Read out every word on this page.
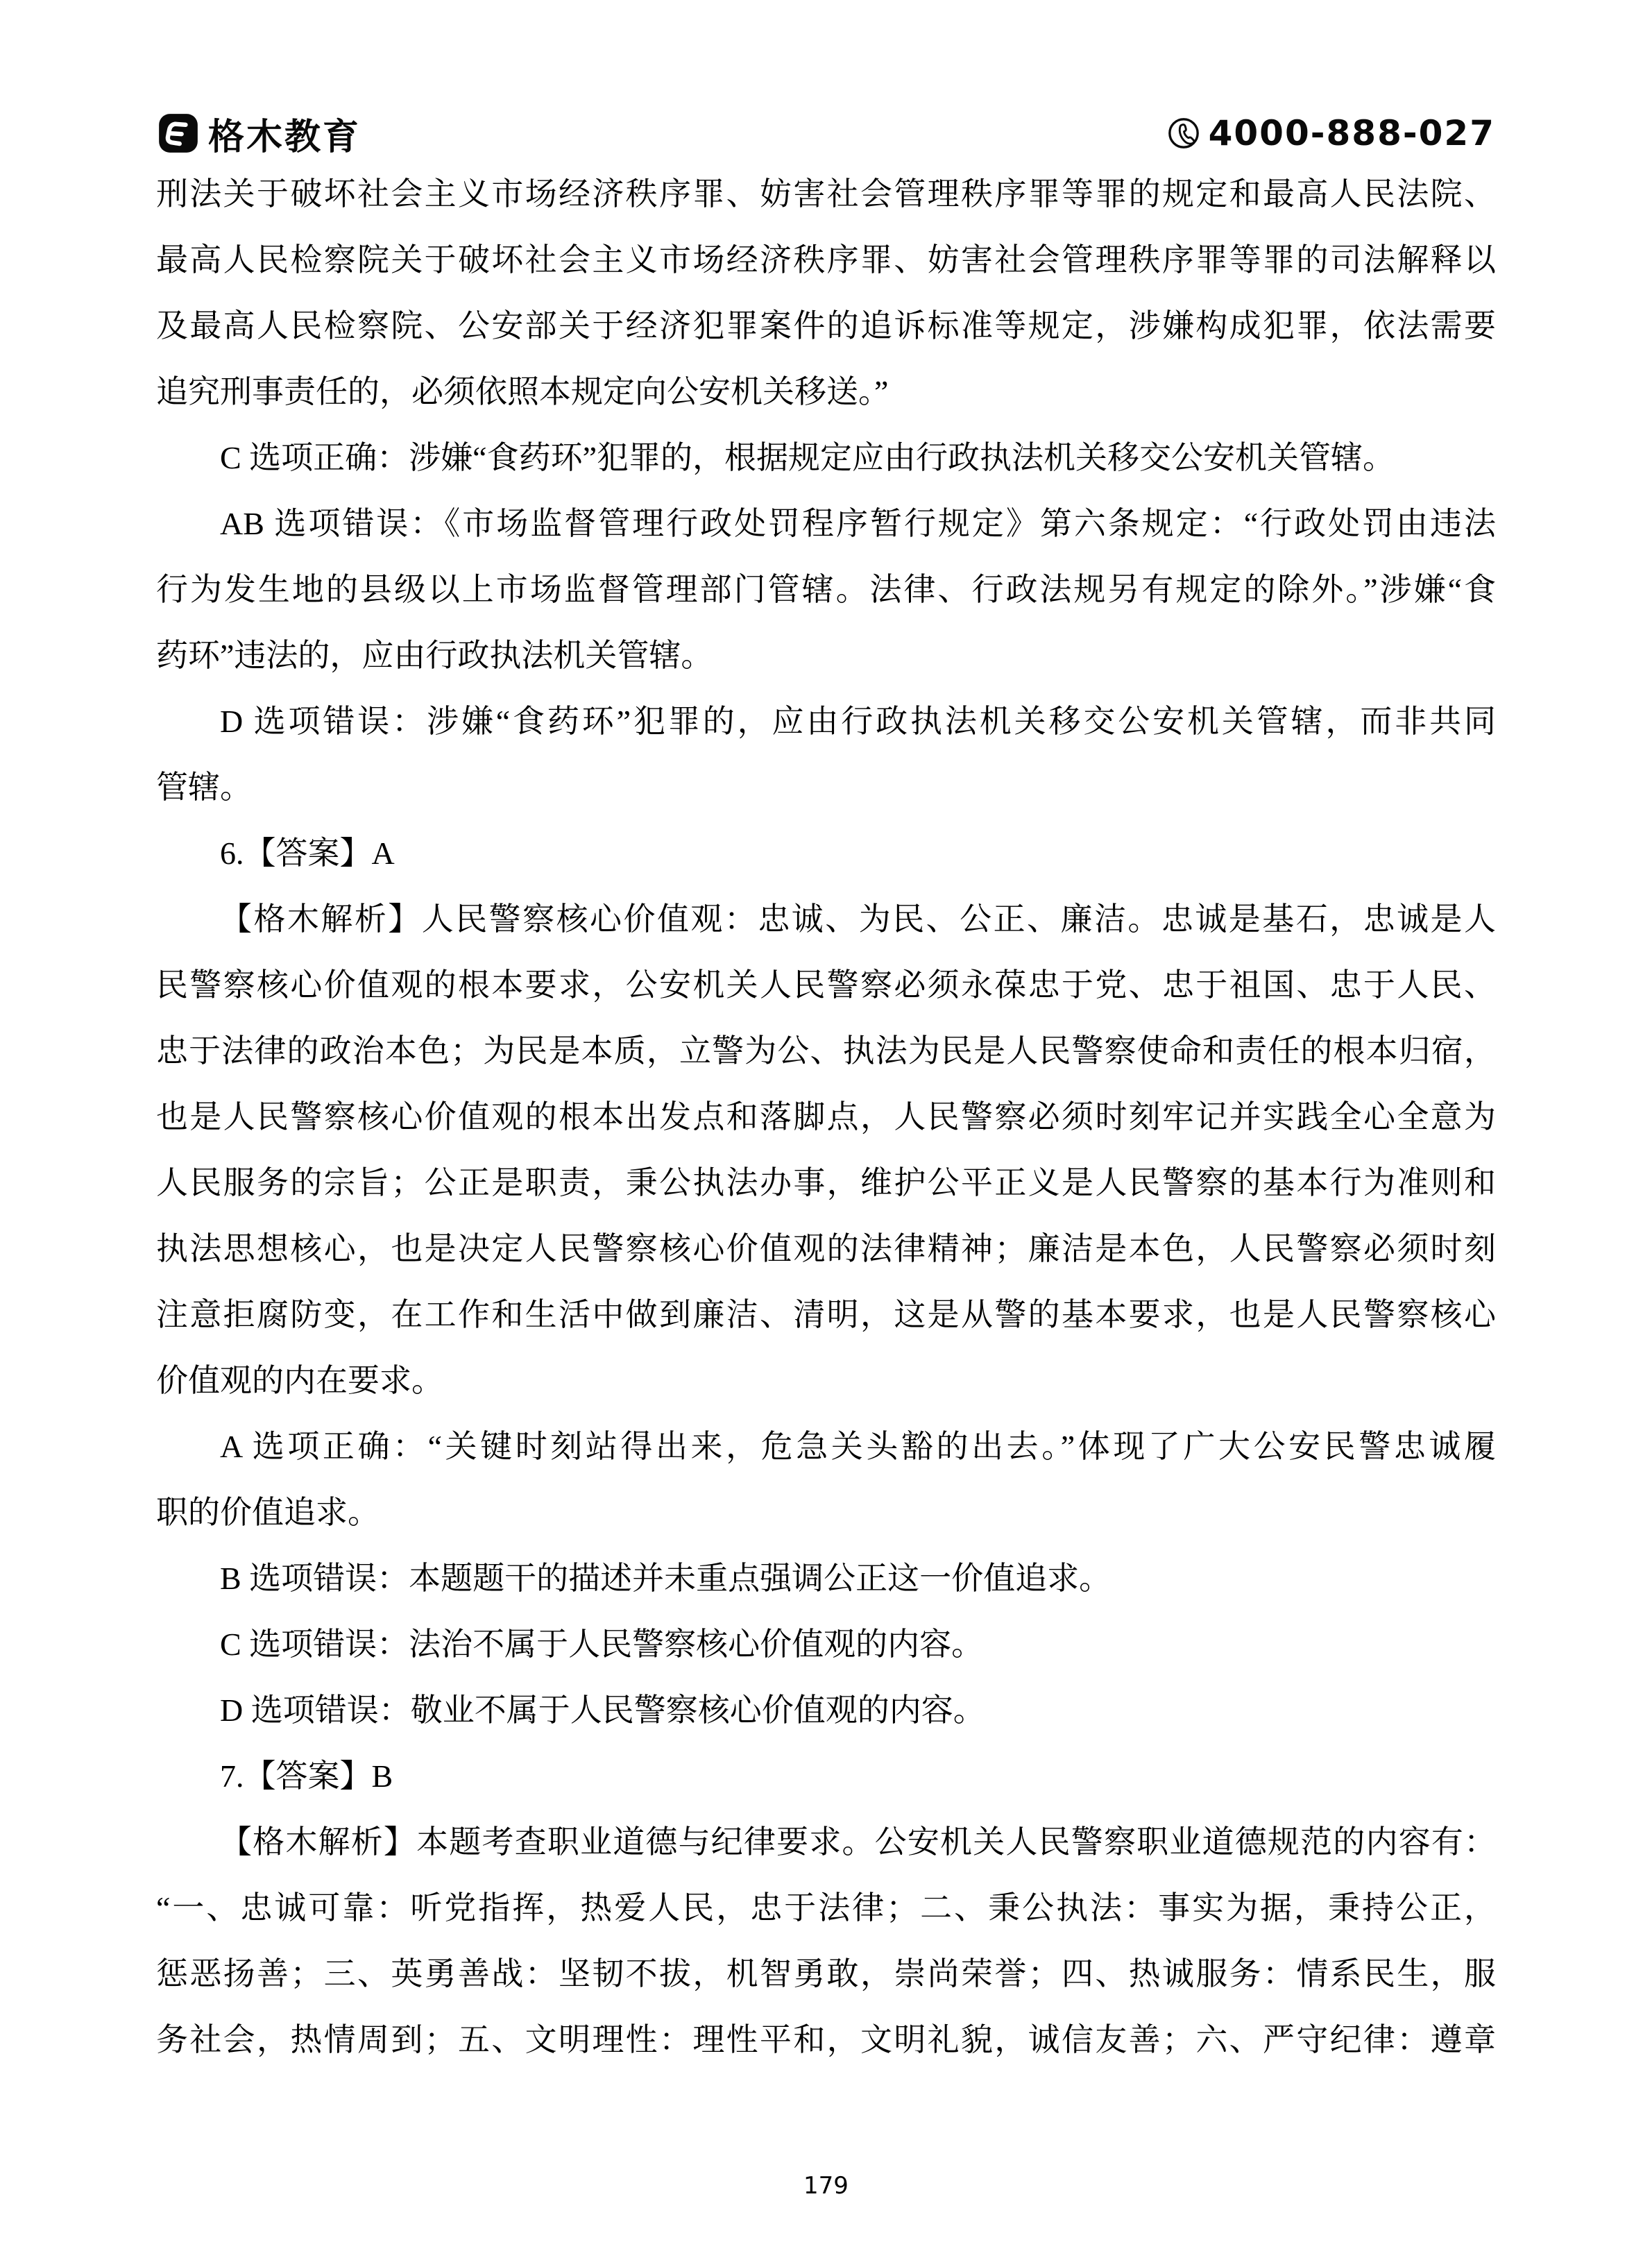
格木教育	4000-888-027
刑法关于破坏社会主义市场经济秩序罪、妨害社会管理秩序罪等罪的规定和最高人民法院、
最高人民检察院关于破坏社会主义市场经济秩序罪、妨害社会管理秩序罪等罪的司法解释以
及最高人民检察院、公安部关于经济犯罪案件的追诉标准等规定，涉嫌构成犯罪，依法需要
追究刑事责任的，必须依照本规定向公安机关移送。”
C 选项正确：涉嫌“食药环”犯罪的，根据规定应由行政执法机关移交公安机关管辖。
AB 选项错误：《市场监督管理行政处罚程序暂行规定》第六条规定：“行政处罚由违法
行为发生地的县级以上市场监督管理部门管辖。法律、行政法规另有规定的除外。”涉嫌“食
药环”违法的，应由行政执法机关管辖。
D 选项错误：涉嫌“食药环”犯罪的，应由行政执法机关移交公安机关管辖，而非共同
管辖。
6.【答案】A
【格木解析】人民警察核心价值观：忠诚、为民、公正、廉洁。忠诚是基石，忠诚是人
民警察核心价值观的根本要求，公安机关人民警察必须永葆忠于党、忠于祖国、忠于人民、
忠于法律的政治本色；为民是本质，立警为公、执法为民是人民警察使命和责任的根本归宿，
也是人民警察核心价值观的根本出发点和落脚点，人民警察必须时刻牢记并实践全心全意为
人民服务的宗旨；公正是职责，秉公执法办事，维护公平正义是人民警察的基本行为准则和
执法思想核心，也是决定人民警察核心价值观的法律精神；廉洁是本色，人民警察必须时刻
注意拒腐防变，在工作和生活中做到廉洁、清明，这是从警的基本要求，也是人民警察核心
价值观的内在要求。
A 选项正确：“关键时刻站得出来，危急关头豁的出去。”体现了广大公安民警忠诚履
职的价值追求。
B 选项错误：本题题干的描述并未重点强调公正这一价值追求。
C 选项错误：法治不属于人民警察核心价值观的内容。
D 选项错误：敬业不属于人民警察核心价值观的内容。
7.【答案】B
【格木解析】本题考查职业道德与纪律要求。公安机关人民警察职业道德规范的内容有：
“一、忠诚可靠：听党指挥，热爱人民，忠于法律；二、秉公执法：事实为据，秉持公正，
惩恶扬善；三、英勇善战：坚韧不拔，机智勇敢，崇尚荣誉；四、热诚服务：情系民生，服
务社会，热情周到；五、文明理性：理性平和，文明礼貌，诚信友善；六、严守纪律：遵章
179
